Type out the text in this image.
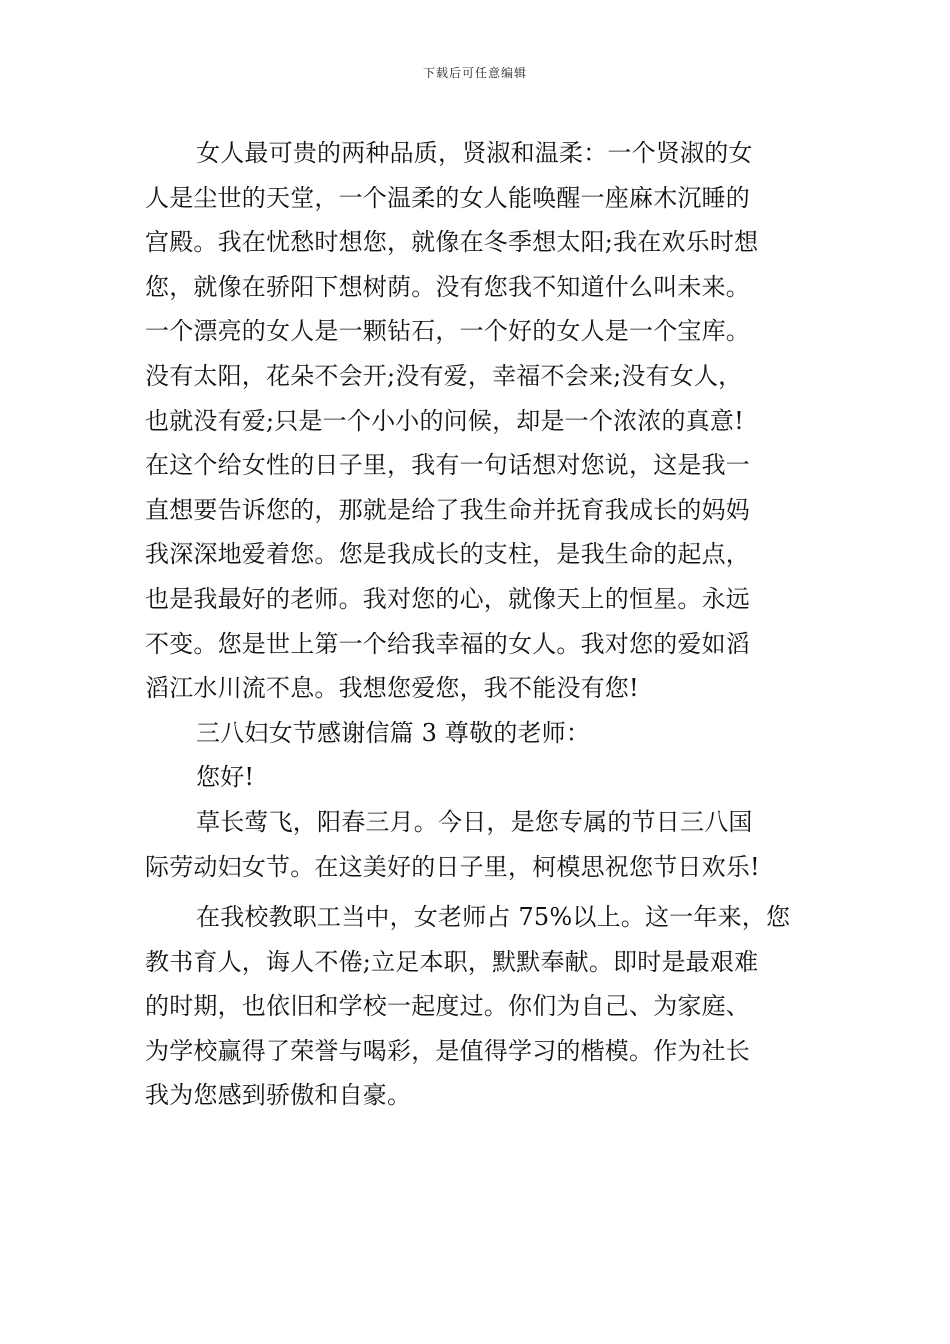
下载后可任意编辑
女人最可贵的两种品质，贤淑和温柔：一个贤淑的女
人是尘世的天堂，一个温柔的女人能唤醒一座麻木沉睡的
宫殿。我在忧愁时想您，就像在冬季想太阳;我在欢乐时想
您，就像在骄阳下想树荫。没有您我不知道什么叫未来。
一个漂亮的女人是一颗钻石，一个好的女人是一个宝库。
没有太阳，花朵不会开;没有爱，幸福不会来;没有女人，
也就没有爱;只是一个小小的问候，却是一个浓浓的真意!
在这个给女性的日子里，我有一句话想对您说，这是我一
直想要告诉您的，那就是给了我生命并抚育我成长的妈妈
我深深地爱着您。您是我成长的支柱，是我生命的起点，
也是我最好的老师。我对您的心，就像天上的恒星。永远
不变。您是世上第一个给我幸福的女人。我对您的爱如滔
滔江水川流不息。我想您爱您，我不能没有您!
三八妇女节感谢信篇 3 尊敬的老师：
您好!
草长莺飞，阳春三月。今日，是您专属的节日三八国
际劳动妇女节。在这美好的日子里，柯模思祝您节日欢乐!
在我校教职工当中，女老师占 75%以上。这一年来，您
教书育人，诲人不倦;立足本职，默默奉献。即时是最艰难
的时期，也依旧和学校一起度过。你们为自己、为家庭、
为学校赢得了荣誉与喝彩，是值得学习的楷模。作为社长
我为您感到骄傲和自豪。
